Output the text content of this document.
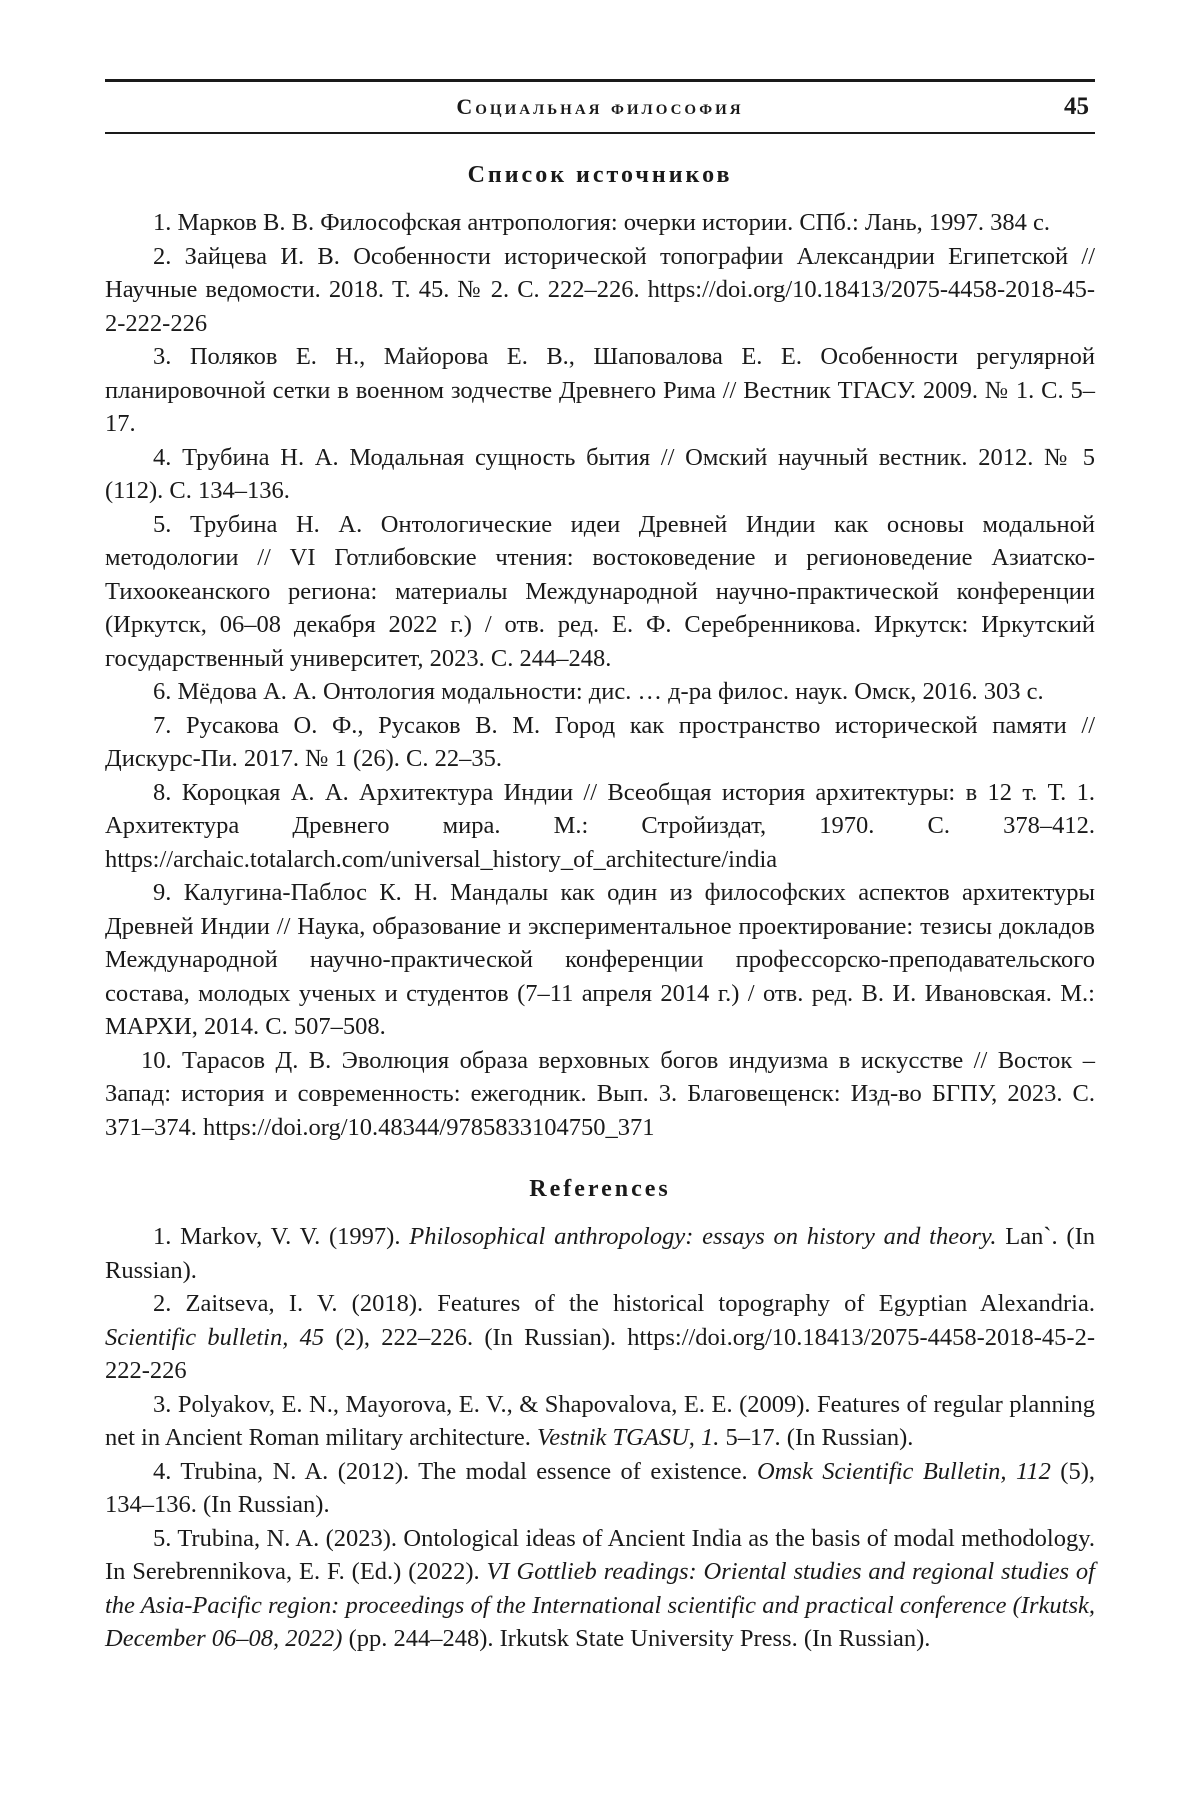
Социальная философия	45
Список источников
1. Марков В. В. Философская антропология: очерки истории. СПб.: Лань, 1997. 384 с.
2. Зайцева И. В. Особенности исторической топографии Александрии Египетской // Научные ведомости. 2018. Т. 45. № 2. С. 222–226. https://doi.org/10.18413/2075-4458-2018-45-2-222-226
3. Поляков Е. Н., Майорова Е. В., Шаповалова Е. Е. Особенности регулярной планировочной сетки в военном зодчестве Древнего Рима // Вестник ТГАСУ. 2009. № 1. С. 5–17.
4. Трубина Н. А. Модальная сущность бытия // Омский научный вестник. 2012. № 5 (112). С. 134–136.
5. Трубина Н. А. Онтологические идеи Древней Индии как основы модальной методологии // VI Готлибовские чтения: востоковедение и регионоведение Азиатско-Тихоокеанского региона: материалы Международной научно-практической конференции (Иркутск, 06–08 декабря 2022 г.) / отв. ред. Е. Ф. Серебренникова. Иркутск: Иркутский государственный университет, 2023. С. 244–248.
6. Мёдова А. А. Онтология модальности: дис. … д-ра филос. наук. Омск, 2016. 303 с.
7. Русакова О. Ф., Русаков В. М. Город как пространство исторической памяти // Дискурс-Пи. 2017. № 1 (26). С. 22–35.
8. Короцкая А. А. Архитектура Индии // Всеобщая история архитектуры: в 12 т. Т. 1. Архитектура Древнего мира. М.: Стройиздат, 1970. С. 378–412. https://archaic.totalarch.com/universal_history_of_architecture/india
9. Калугина-Паблос К. Н. Мандалы как один из философских аспектов архитектуры Древней Индии // Наука, образование и экспериментальное проектирование: тезисы докладов Международной научно-практической конференции профессорско-преподавательского состава, молодых ученых и студентов (7–11 апреля 2014 г.) / отв. ред. В. И. Ивановская. М.: МАРХИ, 2014. С. 507–508.
10. Тарасов Д. В. Эволюция образа верховных богов индуизма в искусстве // Восток – Запад: история и современность: ежегодник. Вып. 3. Благовещенск: Изд-во БГПУ, 2023. С. 371–374. https://doi.org/10.48344/9785833104750_371
References
1. Markov, V. V. (1997). Philosophical anthropology: essays on history and theory. Lan`. (In Russian).
2. Zaitseva, I. V. (2018). Features of the historical topography of Egyptian Alexandria. Scientific bulletin, 45 (2), 222–226. (In Russian). https://doi.org/10.18413/2075-4458-2018-45-2-222-226
3. Polyakov, E. N., Mayorova, E. V., & Shapovalova, E. E. (2009). Features of regular planning net in Ancient Roman military architecture. Vestnik TGASU, 1. 5–17. (In Russian).
4. Trubina, N. A. (2012). The modal essence of existence. Omsk Scientific Bulletin, 112 (5), 134–136. (In Russian).
5. Trubina, N. A. (2023). Ontological ideas of Ancient India as the basis of modal methodology. In Serebrennikova, E. F. (Ed.) (2022). VI Gottlieb readings: Oriental studies and regional studies of the Asia-Pacific region: proceedings of the International scientific and practical conference (Irkutsk, December 06–08, 2022) (pp. 244–248). Irkutsk State University Press. (In Russian).
